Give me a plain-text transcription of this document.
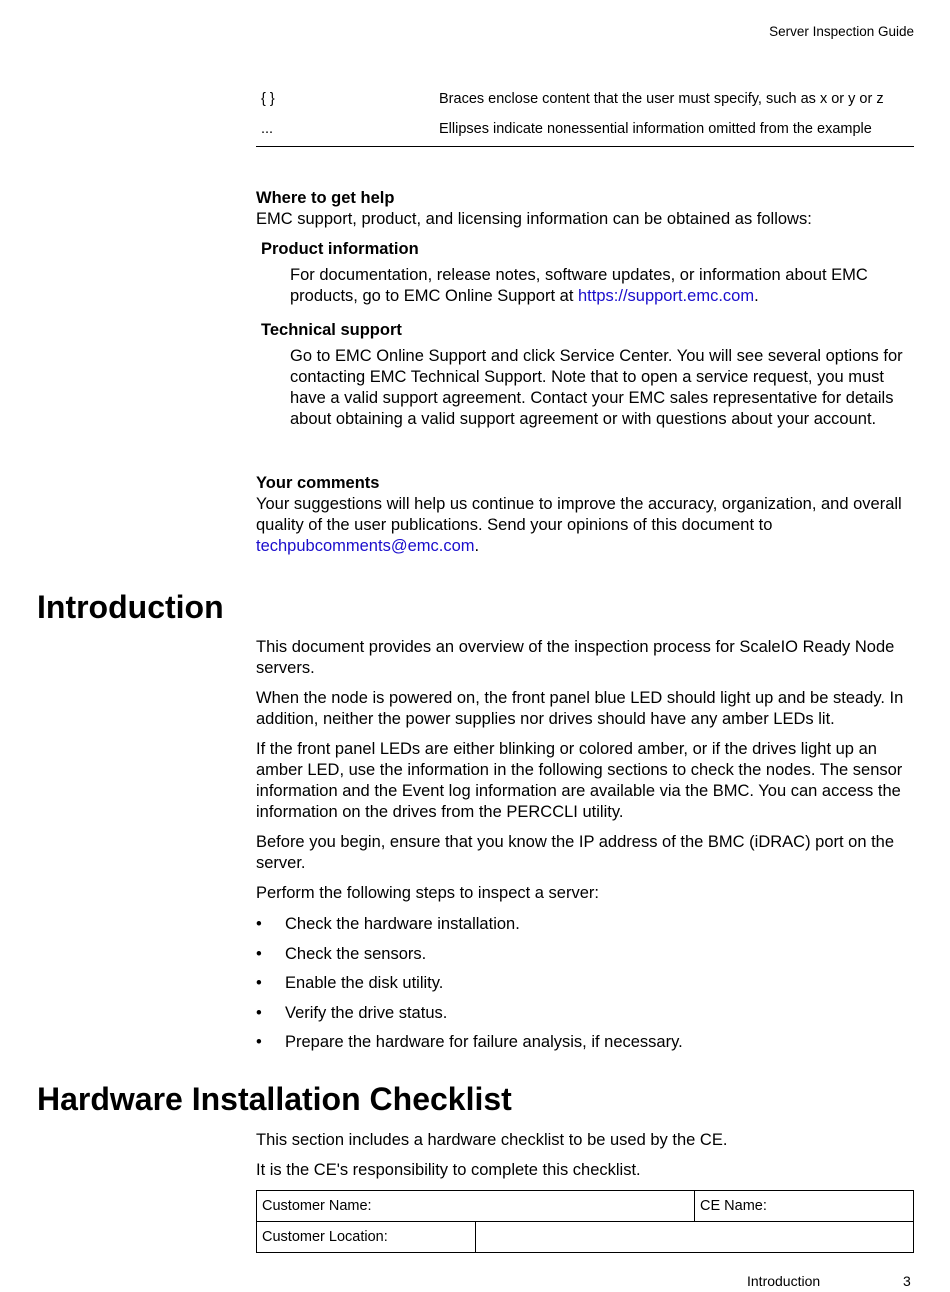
Server Inspection Guide
{ }	Braces enclose content that the user must specify, such as x or y or z
...	Ellipses indicate nonessential information omitted from the example
Where to get help
EMC support, product, and licensing information can be obtained as follows:
Product information
For documentation, release notes, software updates, or information about EMC products, go to EMC Online Support at https://support.emc.com.
Technical support
Go to EMC Online Support and click Service Center. You will see several options for contacting EMC Technical Support. Note that to open a service request, you must have a valid support agreement. Contact your EMC sales representative for details about obtaining a valid support agreement or with questions about your account.
Your comments
Your suggestions will help us continue to improve the accuracy, organization, and overall quality of the user publications. Send your opinions of this document to techpubcomments@emc.com.
Introduction

This document provides an overview of the inspection process for ScaleIO Ready Node servers.

When the node is powered on, the front panel blue LED should light up and be steady. In addition, neither the power supplies nor drives should have any amber LEDs lit.

If the front panel LEDs are either blinking or colored amber, or if the drives light up an amber LED, use the information in the following sections to check the nodes. The sensor information and the Event log information are available via the BMC. You can access the information on the drives from the PERCCLI utility.

Before you begin, ensure that you know the IP address of the BMC (iDRAC) port on the server.

Perform the following steps to inspect a server:

• Check the hardware installation.
• Check the sensors.
• Enable the disk utility.
• Verify the drive status.
• Prepare the hardware for failure analysis, if necessary.
Hardware Installation Checklist

This section includes a hardware checklist to be used by the CE.

It is the CE's responsibility to complete this checklist.

Customer Name:		CE Name:
Customer Location:		
Introduction	3
